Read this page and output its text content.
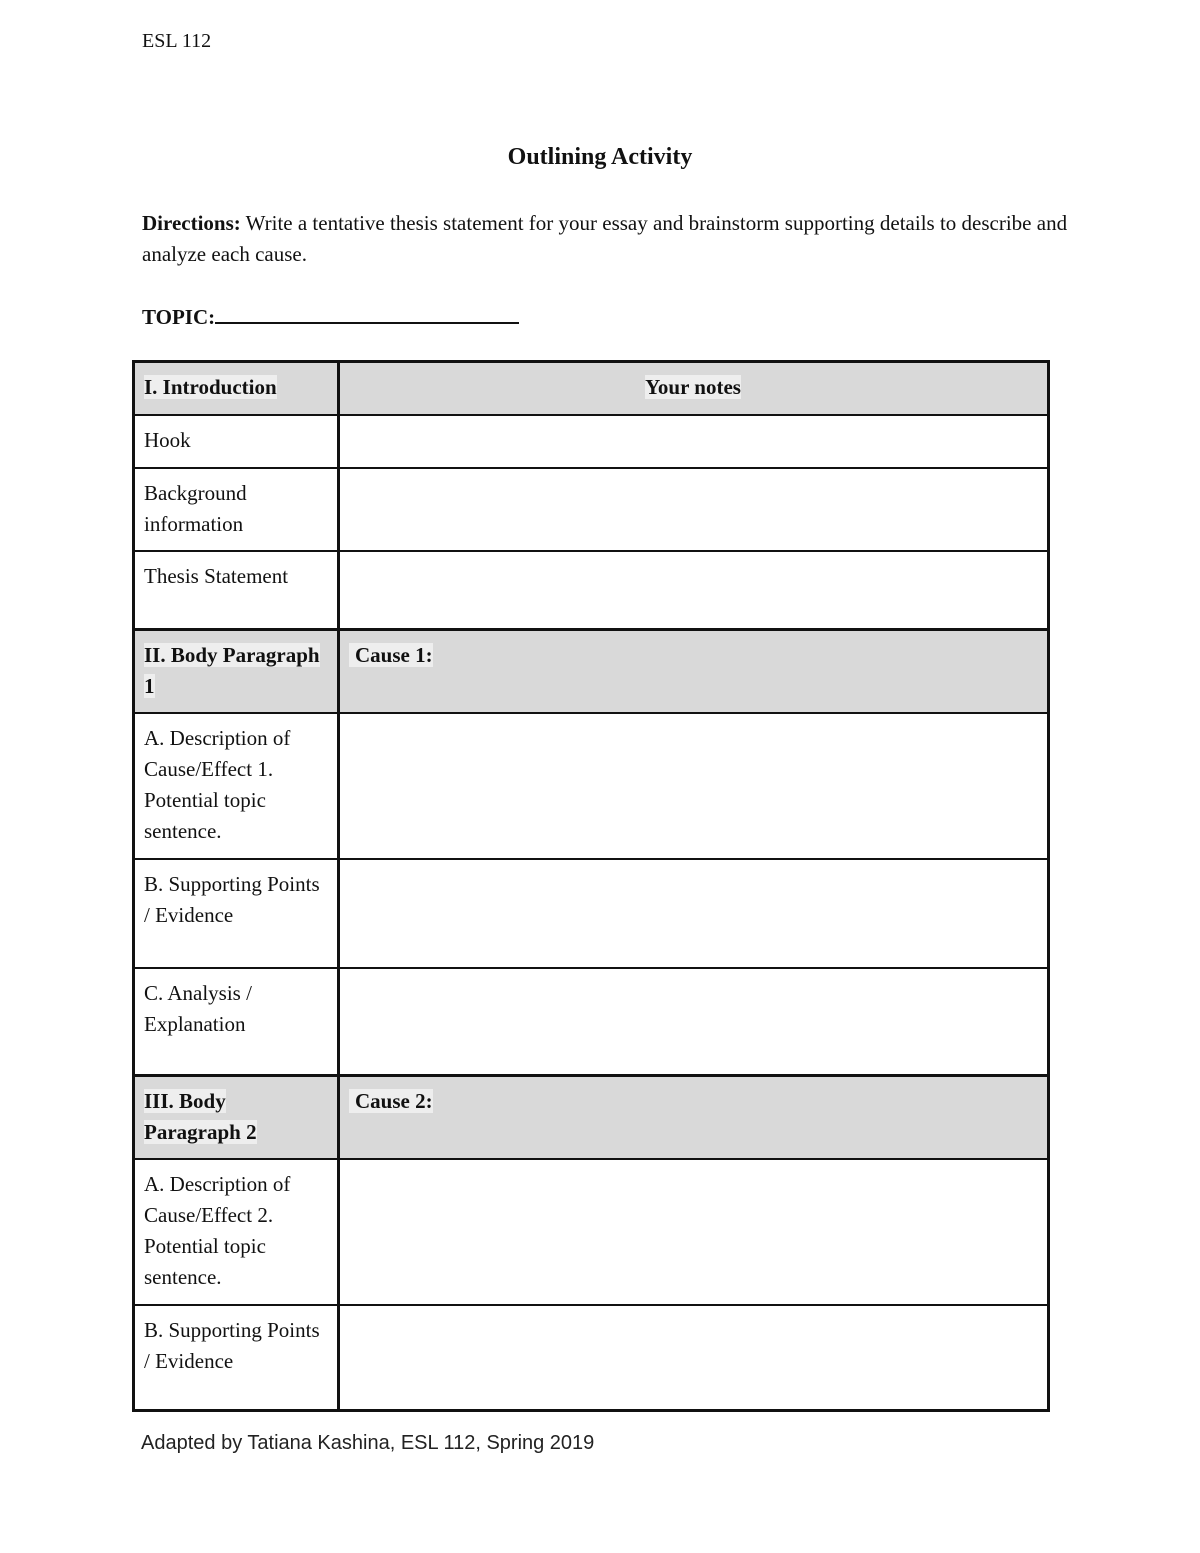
ESL 112
Outlining Activity
Directions: Write a tentative thesis statement for your essay and brainstorm supporting details to describe and analyze each cause.
TOPIC:
I. Introduction	Your notes
Hook	
Background information	
Thesis Statement	
II. Body Paragraph 1	Cause 1:
A. Description of Cause/Effect 1. Potential topic sentence.	
B. Supporting Points / Evidence	
C. Analysis / Explanation	
III. Body Paragraph 2	Cause 2:
A. Description of Cause/Effect 2. Potential topic sentence.	
B. Supporting Points / Evidence	
Adapted by Tatiana Kashina, ESL 112, Spring 2019
